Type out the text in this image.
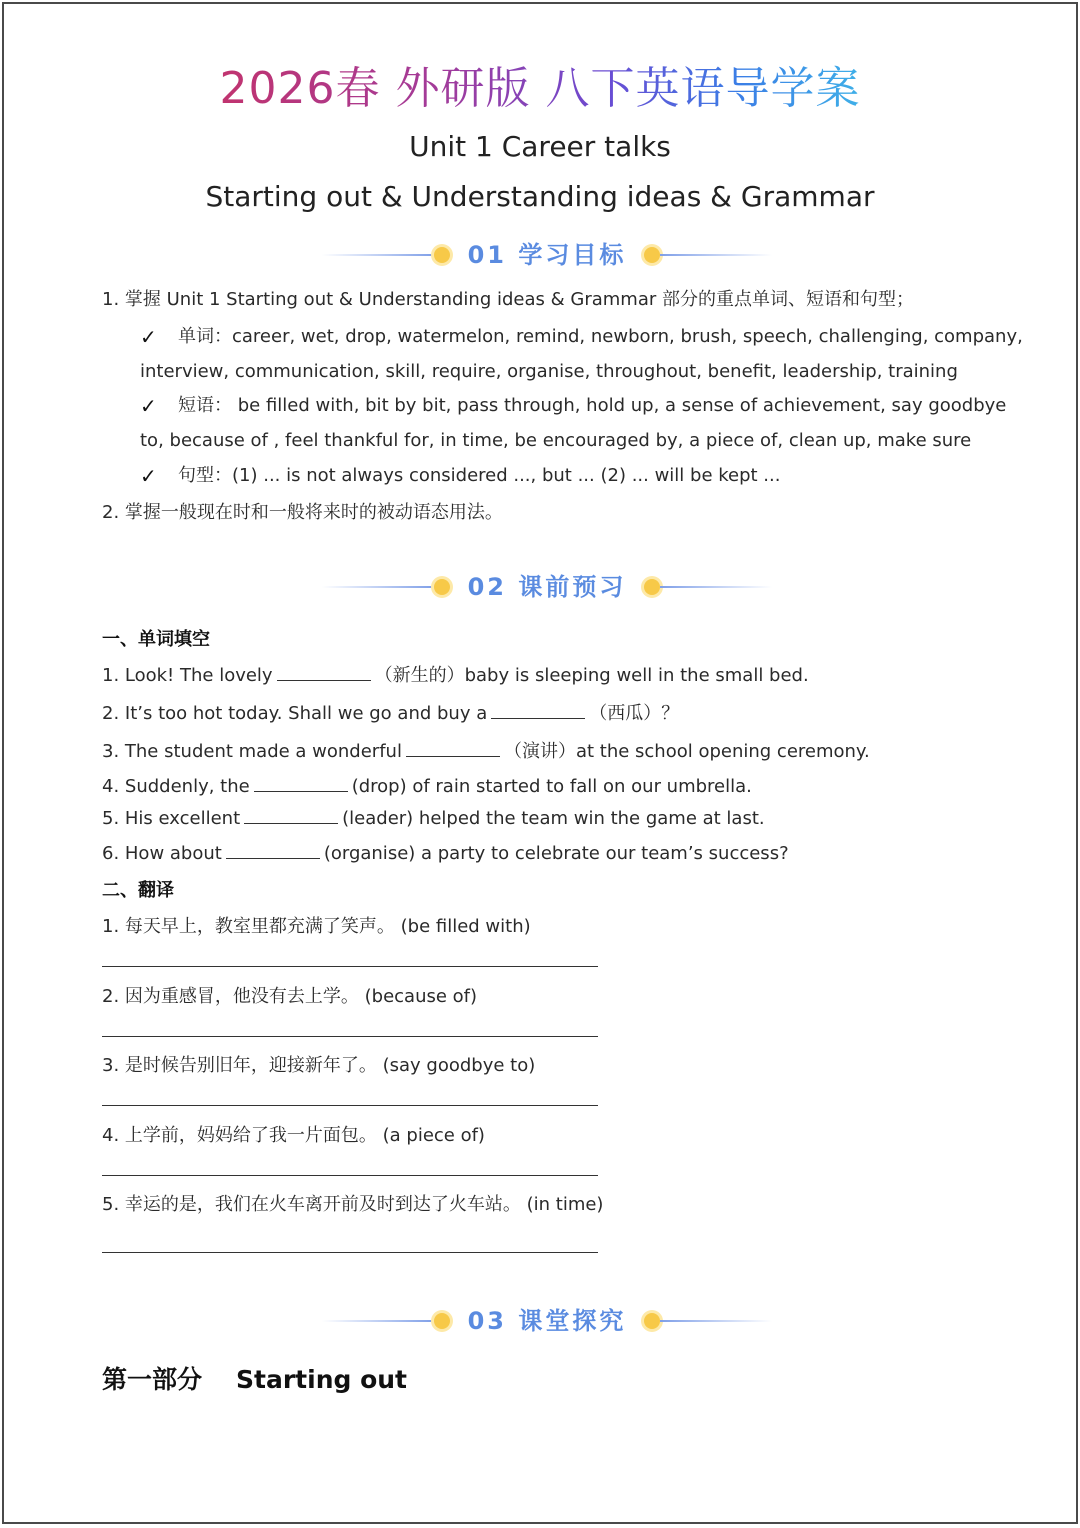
2026春 外研版 八下英语导学案
Unit 1 Career talks
Starting out & Understanding ideas & Grammar
01 学习目标
1. 掌握 Unit 1 Starting out & Understanding ideas & Grammar 部分的重点单词、短语和句型；
✓ 单词：career, wet, drop, watermelon, remind, newborn, brush, speech, challenging, company,
interview, communication, skill, require, organise, throughout, benefit, leadership, training
✓ 短语： be filled with, bit by bit, pass through, hold up, a sense of achievement, say goodbye
to, because of , feel thankful for, in time, be encouraged by, a piece of, clean up, make sure
✓ 句型：(1) ... is not always considered ..., but ... (2) ... will be kept ...
2. 掌握一般现在时和一般将来时的被动语态用法。
02 课前预习
一、单词填空
1. Look! The lovely	（新生的）baby is sleeping well in the small bed.
2. It’s too hot today. Shall we go and buy a	（西瓜）？
3. The student made a wonderful	（演讲）at the school opening ceremony.
4. Suddenly, the	(drop) of rain started to fall on our umbrella.
5. His excellent	(leader) helped the team win the game at last.
6. How about	(organise) a party to celebrate our team’s success?
二、翻译
1. 每天早上，教室里都充满了笑声。 (be filled with)
2. 因为重感冒，他没有去上学。 (because of)
3. 是时候告别旧年，迎接新年了。 (say goodbye to)
4. 上学前，妈妈给了我一片面包。 (a piece of)
5. 幸运的是，我们在火车离开前及时到达了火车站。 (in time)
03 课堂探究
第一部分 Starting out
